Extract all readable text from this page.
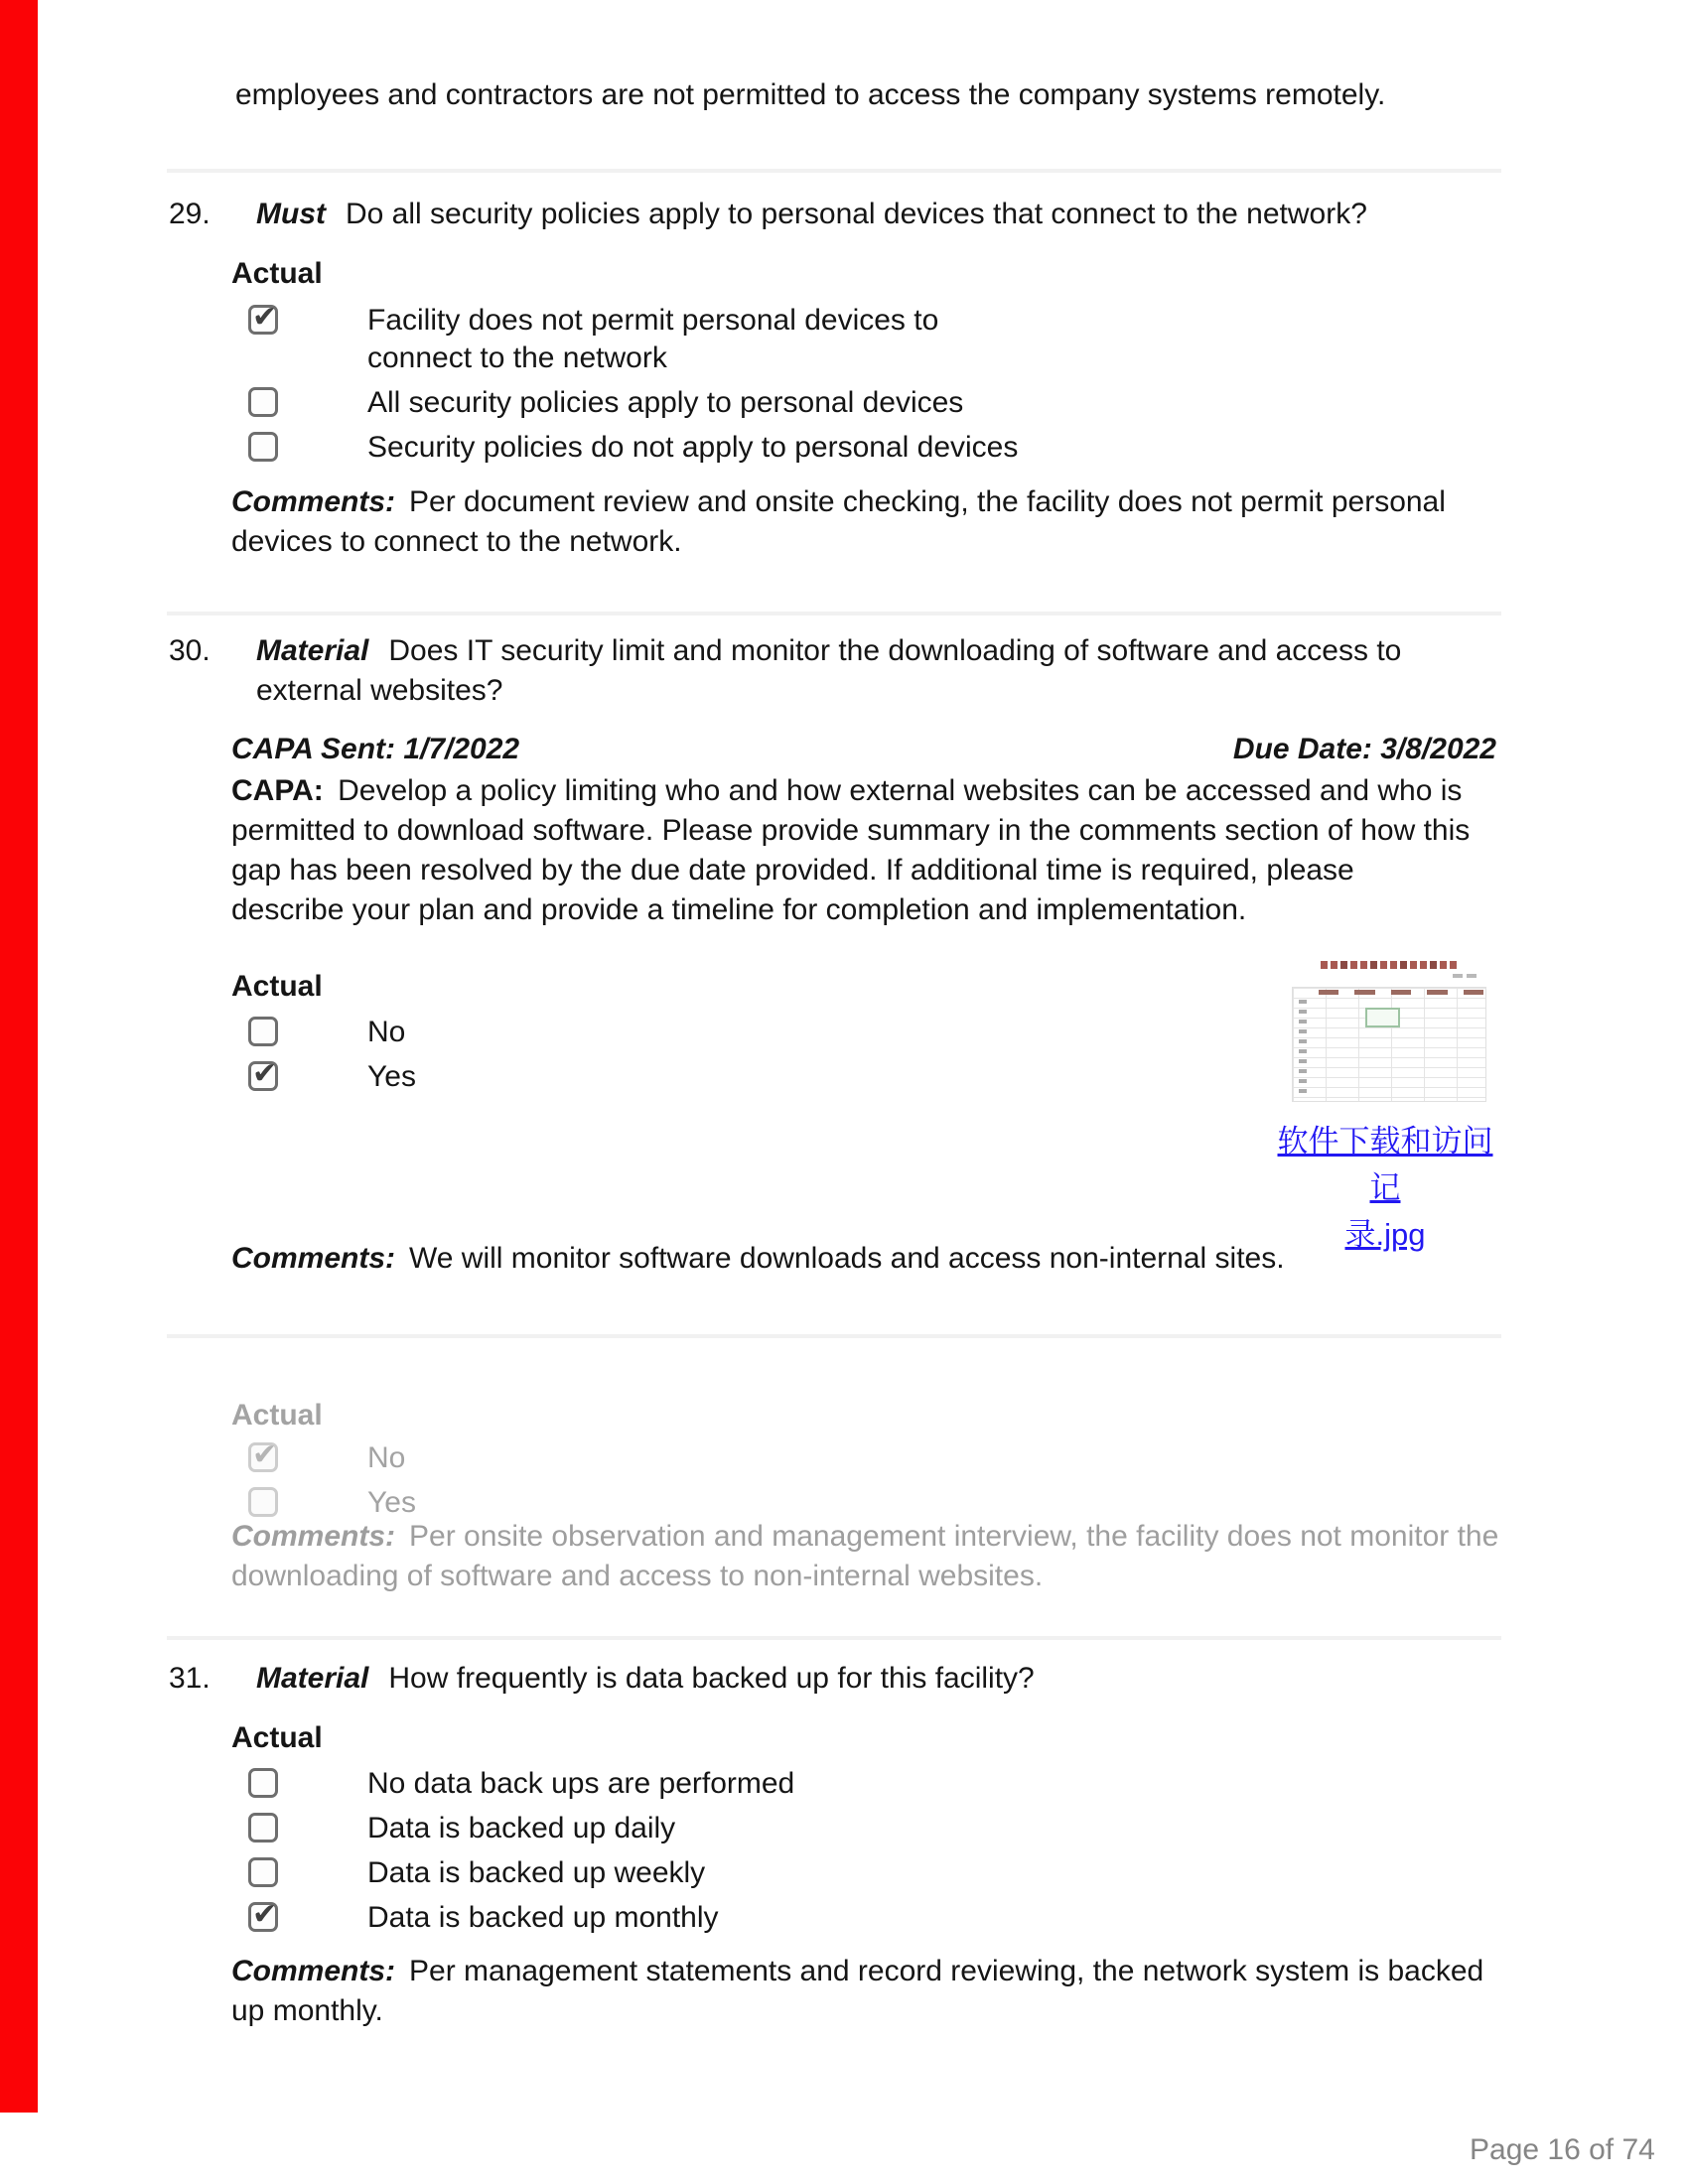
employees and contractors are not permitted to access the company systems remotely.
29. Must Do all security policies apply to personal devices that connect to the network?
Actual
✔
Facility does not permit personal devices to connect to the network
All security policies apply to personal devices
Security policies do not apply to personal devices
Comments: Per document review and onsite checking, the facility does not permit personal devices to connect to the network.
30. Material Does IT security limit and monitor the downloading of software and access to external websites?
CAPA Sent: 1/7/2022	Due Date: 3/8/2022
CAPA: Develop a policy limiting who and how external websites can be accessed and who is permitted to download software. Please provide summary in the comments section of how this gap has been resolved by the due date provided. If additional time is required, please describe your plan and provide a timeline for completion and implementation.
Actual
No
✔
Yes
软件下载和访问记
录.jpg
Comments: We will monitor software downloads and access non-internal sites.
Actual
✔
No
Yes
Comments: Per onsite observation and management interview, the facility does not monitor the downloading of software and access to non-internal websites.
31. Material How frequently is data backed up for this facility?
Actual
No data back ups are performed
Data is backed up daily
Data is backed up weekly
✔
Data is backed up monthly
Comments: Per management statements and record reviewing, the network system is backed up monthly.
Page 16 of 74
